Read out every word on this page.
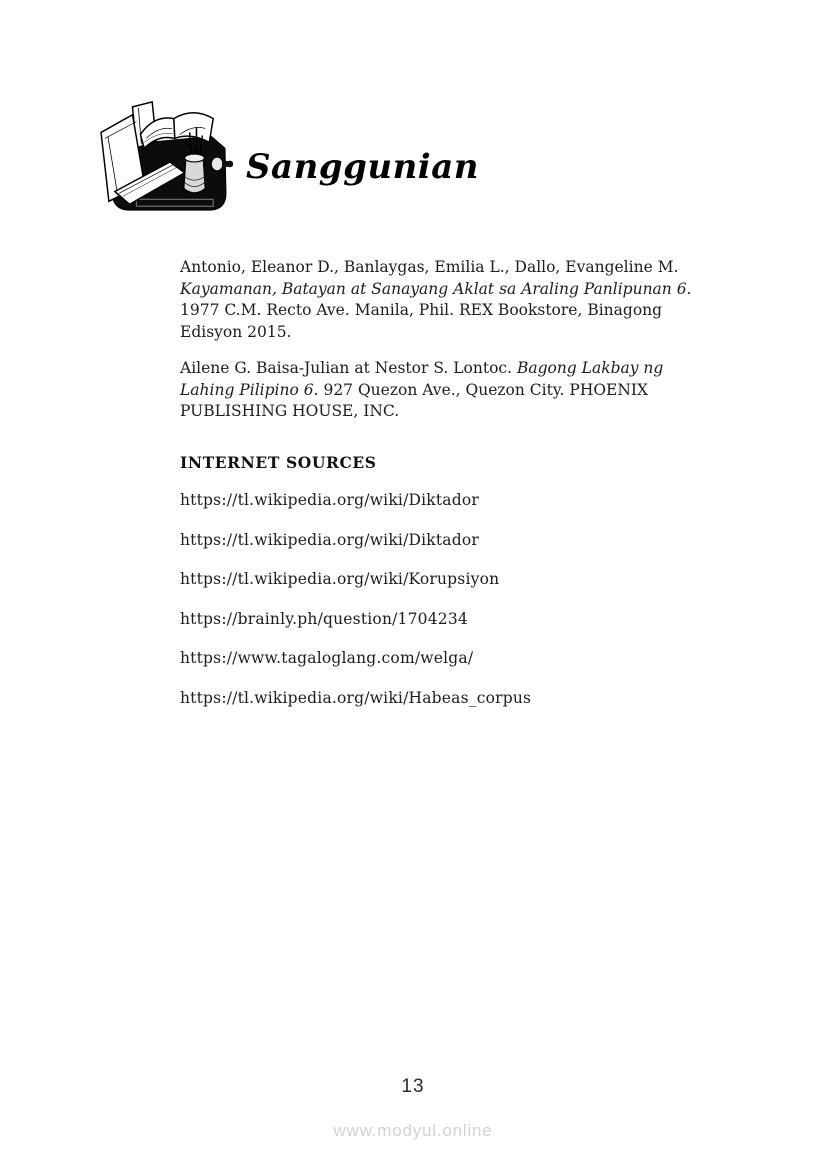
Sanggunian

Antonio, Eleanor D., Banlaygas, Emilia L., Dallo, Evangeline M.
Kayamanan, Batayan at Sanayang Aklat sa Araling Panlipunan 6.
1977 C.M. Recto Ave. Manila, Phil. REX Bookstore, Binagong
Edisyon 2015.

Ailene G. Baisa-Julian at Nestor S. Lontoc. Bagong Lakbay ng
Lahing Pilipino 6. 927 Quezon Ave., Quezon City. PHOENIX
PUBLISHING HOUSE, INC.

INTERNET SOURCES
https://tl.wikipedia.org/wiki/Diktador
https://tl.wikipedia.org/wiki/Diktador
https://tl.wikipedia.org/wiki/Korupsiyon
https://brainly.ph/question/1704234
https://www.tagaloglang.com/welga/
https://tl.wikipedia.org/wiki/Habeas_corpus
13
www.modyul.online
